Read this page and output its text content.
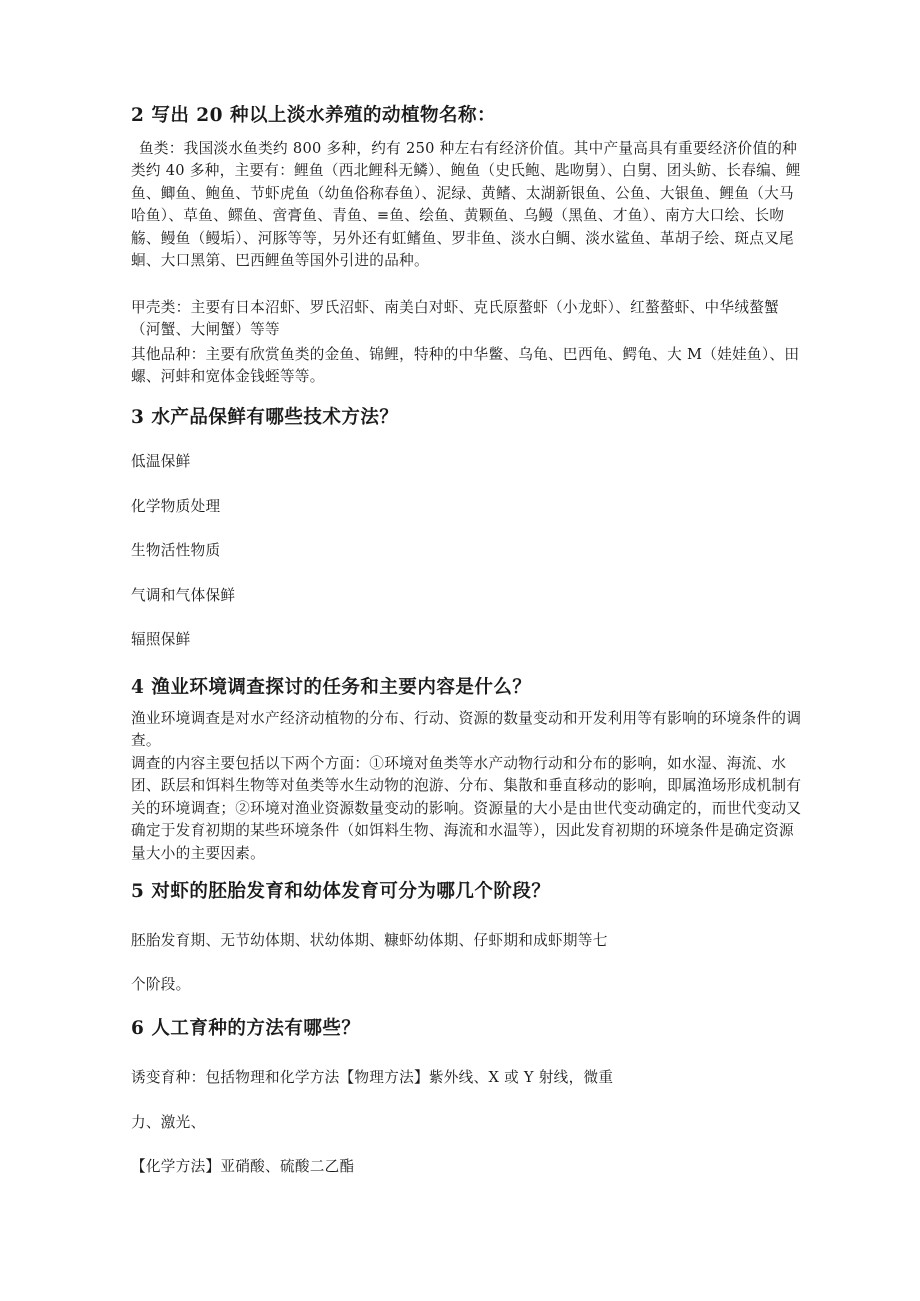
2 写出 20 种以上淡水养殖的动植物名称：

鱼类：我国淡水鱼类约 800 多种，约有 250 种左右有经济价值。其中产量高具有重要经济价值的种类约 40 多种，主要有：鲤鱼（西北鲤科无鳞）、鲍鱼（史氏鲍、匙吻舅）、白舅、团头鲂、长春编、鲤鱼、鲫鱼、鲍鱼、节虾虎鱼（幼鱼俗称春鱼）、泥绿、黄鳍、太湖新银鱼、公鱼、大银鱼、鲤鱼（大马哈鱼）、草鱼、鳏鱼、啻膏鱼、青鱼、≡鱼、绘鱼、黄颗鱼、乌鳗（黑鱼、才鱼）、南方大口绘、长吻觞、鳗鱼（鳗垢）、河豚等等，另外还有虹鳍鱼、罗非鱼、淡水白鲷、淡水鲨鱼、革胡子绘、斑点叉尾蛔、大口黑第、巴西鲤鱼等国外引进的品种。

甲壳类：主要有日本沼虾、罗氏沼虾、南美白对虾、克氏原螯虾（小龙虾）、红螯螯虾、中华绒螯蟹（河蟹、大闸蟹）等等

其他品种：主要有欣赏鱼类的金鱼、锦鲤，特种的中华鳖、乌龟、巴西龟、鳄龟、大 M（娃娃鱼）、田螺、河蚌和宽体金钱蛭等等。

3 水产品保鲜有哪些技术方法？
低温保鲜
化学物质处理
生物活性物质
气调和气体保鲜
辐照保鲜
4 渔业环境调查探讨的任务和主要内容是什么？

渔业环境调查是对水产经济动植物的分布、行动、资源的数量变动和开发利用等有影响的环境条件的调查。

调查的内容主要包括以下两个方面：①环境对鱼类等水产动物行动和分布的影响，如水湿、海流、水团、跃层和饵料生物等对鱼类等水生动物的泡游、分布、集散和垂直移动的影响，即属渔场形成机制有关的环境调查；②环境对渔业资源数量变动的影响。资源量的大小是由世代变动确定的，而世代变动又确定于发育初期的某些环境条件（如饵料生物、海流和水温等），因此发育初期的环境条件是确定资源量大小的主要因素。

5 对虾的胚胎发育和幼体发育可分为哪几个阶段？
胚胎发育期、无节幼体期、状幼体期、糠虾幼体期、仔虾期和成虾期等七
个阶段。
6 人工育种的方法有哪些？
诱变育种：包括物理和化学方法【物理方法】紫外线、X 或 Y 射线，微重
力、激光、
【化学方法】亚硝酸、硫酸二乙酯
